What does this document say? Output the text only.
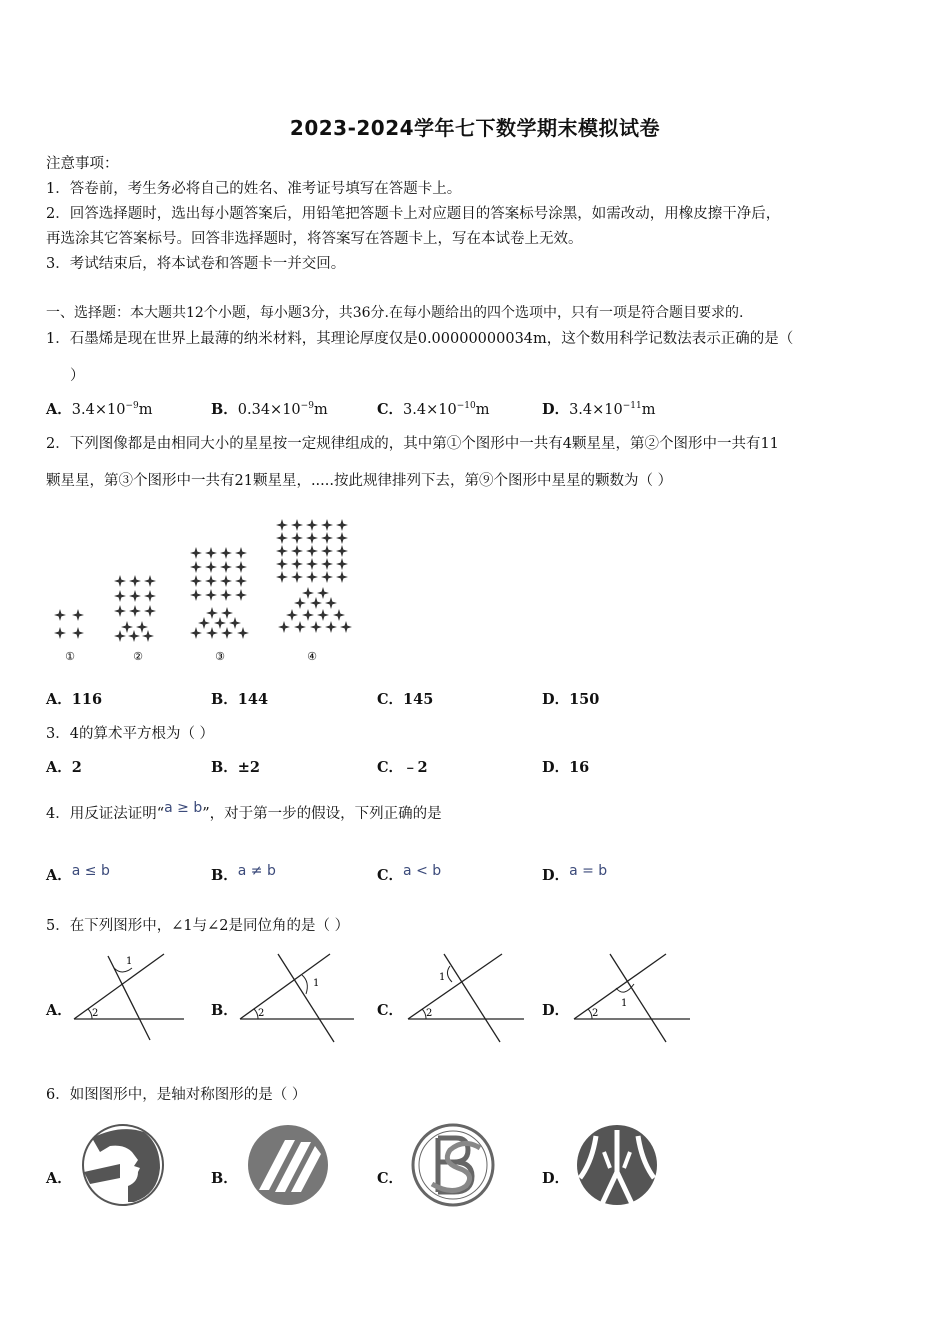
2023-2024学年七下数学期末模拟试卷
注意事项：
1．答卷前，考生务必将自己的姓名、准考证号填写在答题卡上。
2．回答选择题时，选出每小题答案后，用铅笔把答题卡上对应题目的答案标号涂黑，如需改动，用橡皮擦干净后，
再选涂其它答案标号。回答非选择题时，将答案写在答题卡上，写在本试卷上无效。
3．考试结束后，将本试卷和答题卡一并交回。
一、选择题：本大题共12个小题，每小题3分，共36分.在每小题给出的四个选项中，只有一项是符合题目要求的.
1．石墨烯是现在世界上最薄的纳米材料，其理论厚度仅是0.00000000034m，这个数用科学记数法表示正确的是（
）
A．$3.4\times 10^{-9}m$	B．$0.34\times 10^{-9}m$	C．$3.4\times 10^{-10}m$	D．$3.4\times 10^{-11}m$
2．下列图像都是由相同大小的星星按一定规律组成的，其中第①个图形中一共有4颗星星，第②个图形中一共有11
颗星星，第③个图形中一共有21颗星星，.....按此规律排列下去，第⑨个图形中星星的颗数为（ ）
①	②	③	④
A．116	B．144	C．145	D．150
3．4的算术平方根为（ ）
A．2	B．±2	C．﹣2	D．16
4．用反证法证明“a ≥ b”，对于第一步的假设，下列正确的是
A．a ≤ b	B．a ≠ b	C．a < b	D．a = b
5．在下列图形中，∠1与∠2是同位角的是（ ）
A．
1
2	B．
1
2	C．
1
2	D．	1
2
6．如图图形中，是轴对称图形的是（ ）
A．	B．	C．	D．
